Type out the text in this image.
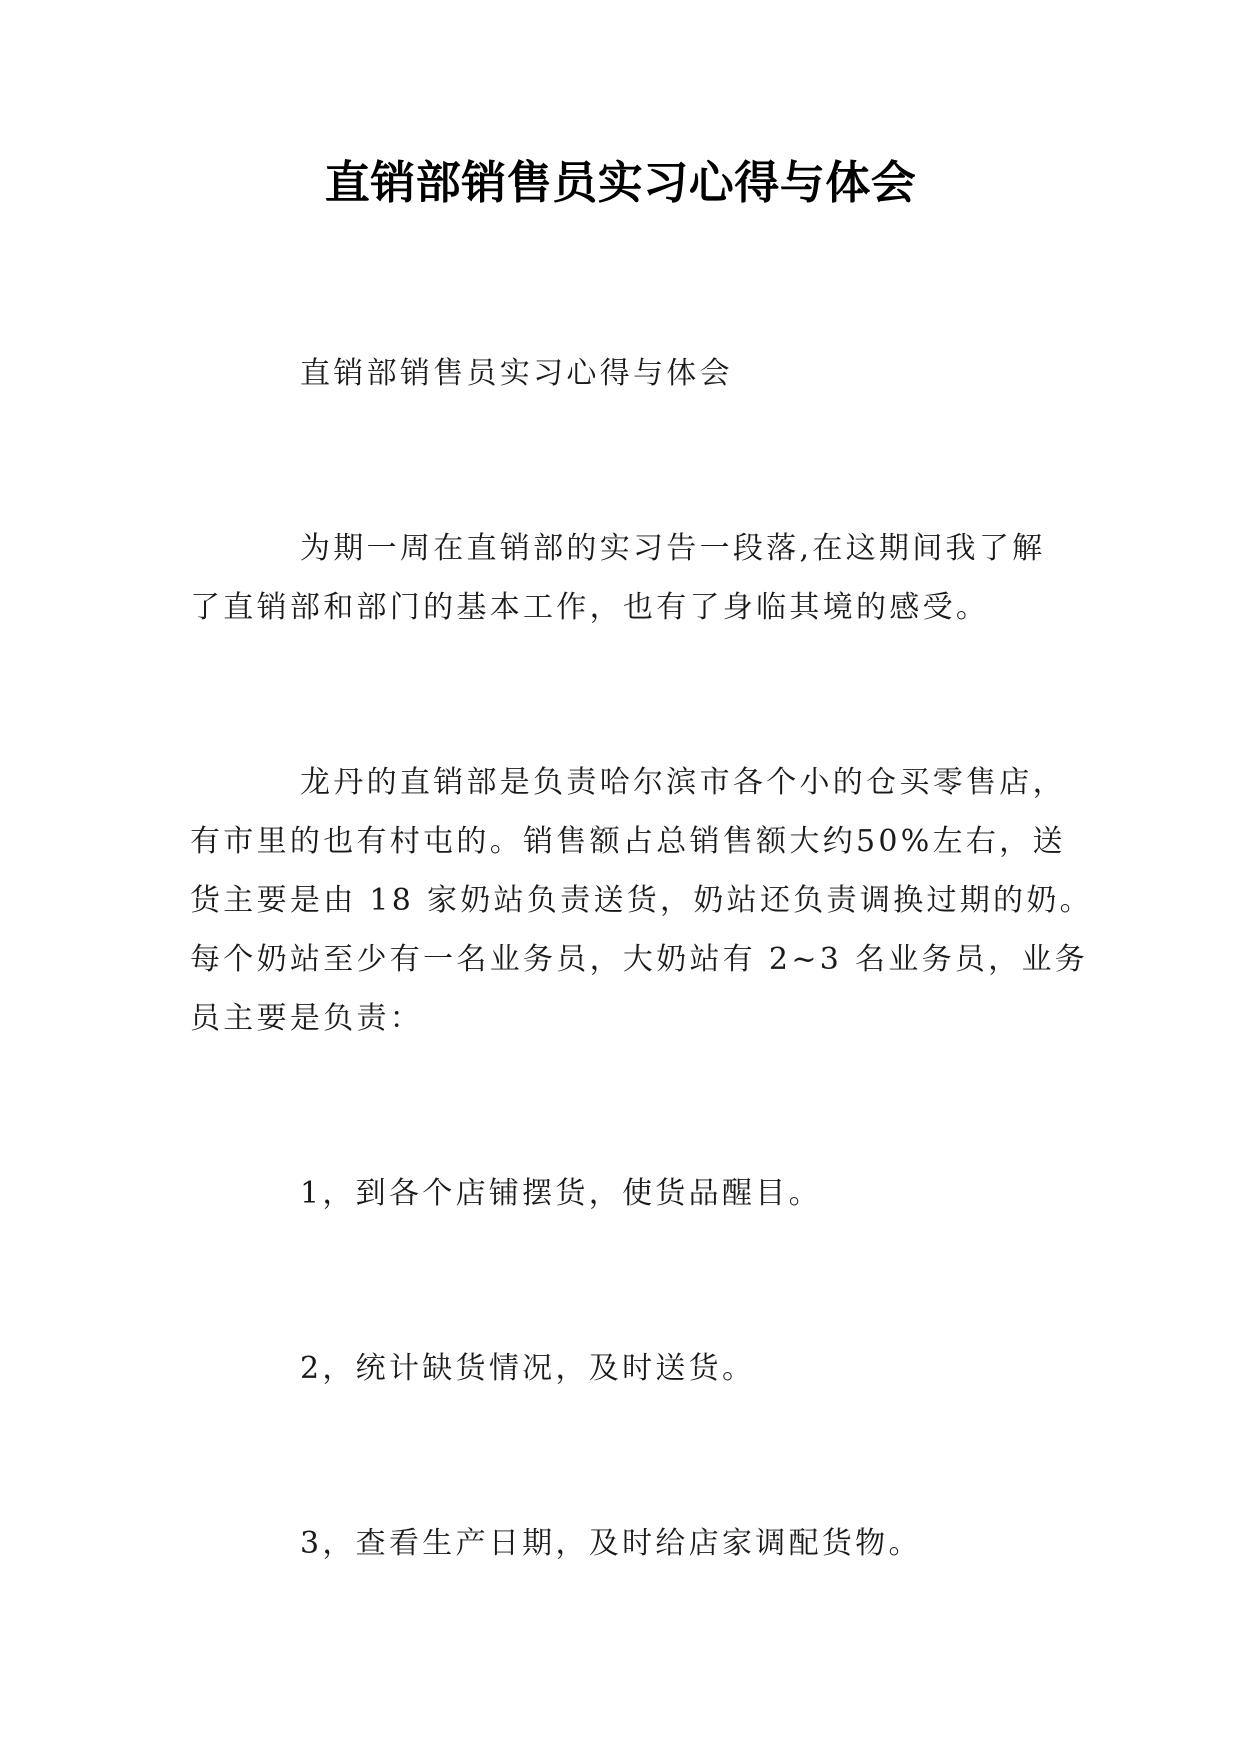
直销部销售员实习心得与体会
直销部销售员实习心得与体会
为期一周在直销部的实习告一段落,在这期间我了解
了直销部和部门的基本工作，也有了身临其境的感受。
龙丹的直销部是负责哈尔滨市各个小的仓买零售店，
有市里的也有村屯的。销售额占总销售额大约50%左右，送
货主要是由 18 家奶站负责送货，奶站还负责调换过期的奶。
每个奶站至少有一名业务员，大奶站有 2~3 名业务员，业务
员主要是负责：
1，到各个店铺摆货，使货品醒目。
2，统计缺货情况，及时送货。
3，查看生产日期，及时给店家调配货物。
